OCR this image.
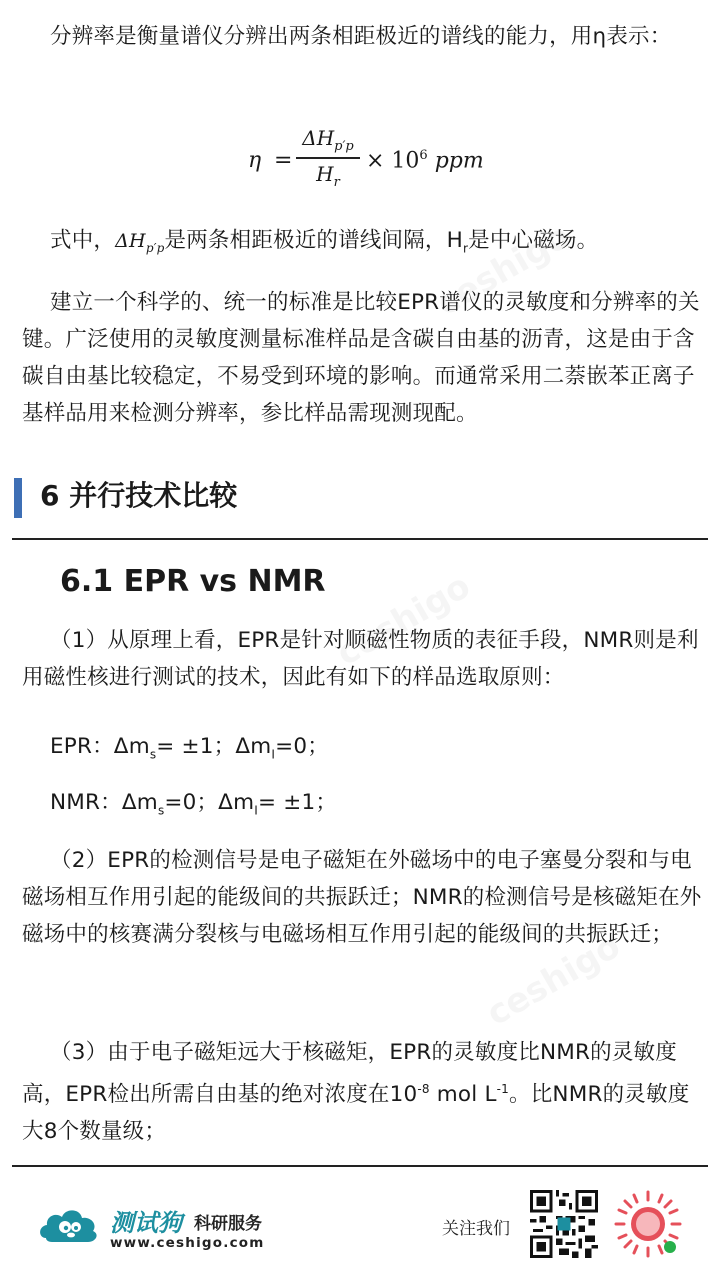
分辨率是衡量谱仪分辨出两条相距极近的谱线的能力，用η表示：
η =
$\Delta H_{p'p}$
$H_r$
× $10^6$ ppm
式中，$\Delta H_{p'p}$是两条相距极近的谱线间隔，$H_r$是中心磁场。
建立一个科学的、统一的标准是比较EPR谱仪的灵敏度和分辨率的关键。广泛使用的灵敏度测量标准样品是含碳自由基的沥青，这是由于含碳自由基比较稳定，不易受到环境的影响。而通常采用二萘嵌苯正离子基样品用来检测分辨率，参比样品需现测现配。
6 并行技术比较
6.1 EPR vs NMR
（1）从原理上看，EPR是针对顺磁性物质的表征手段，NMR则是利用磁性核进行测试的技术，因此有如下的样品选取原则：
EPR：$\Delta m_s= \pm 1$；$\Delta m_I=0$；
NMR：$\Delta m_s=0$；$\Delta m_I= \pm 1$；
（2）EPR的检测信号是电子磁矩在外磁场中的电子塞曼分裂和与电磁场相互作用引起的能级间的共振跃迁；NMR的检测信号是核磁矩在外磁场中的核赛满分裂核与电磁场相互作用引起的能级间的共振跃迁；
（3）由于电子磁矩远大于核磁矩，EPR的灵敏度比NMR的灵敏度高，EPR检出所需自由基的绝对浓度在$10^{-8}$ mol $L^{-1}$。比NMR的灵敏度大8个数量级；
测试狗 科研服务
www.ceshigo.com
关注我们
